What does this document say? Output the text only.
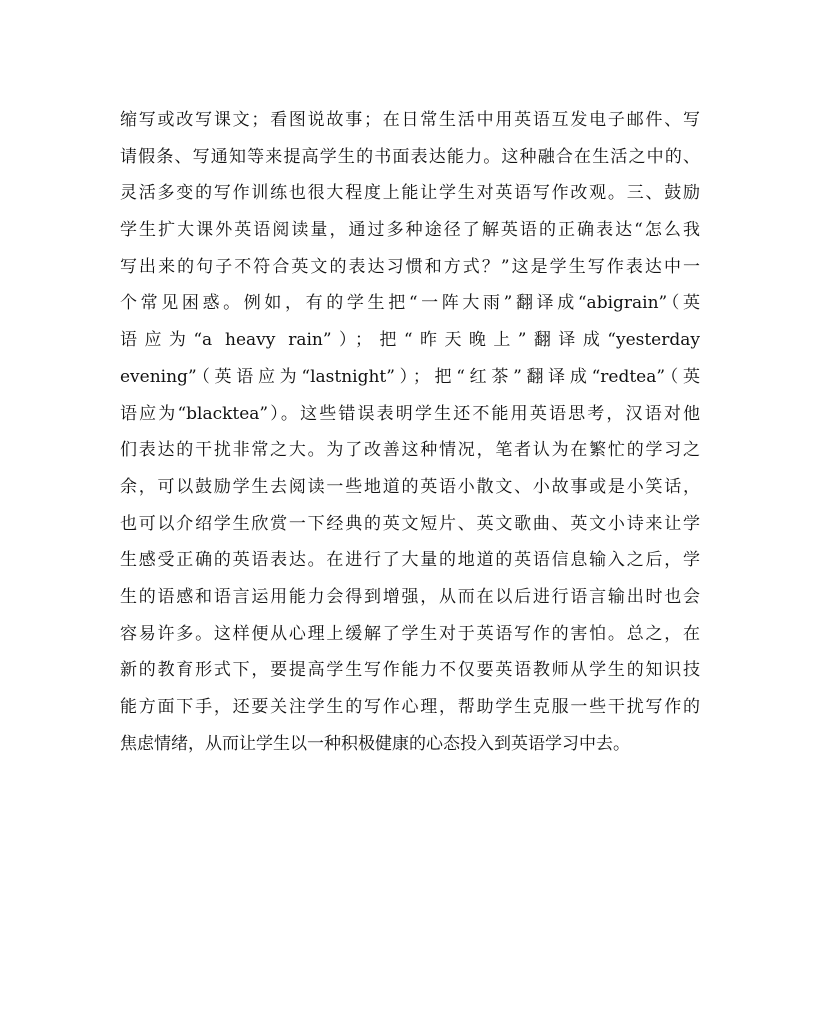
缩写或改写课文；看图说故事；在日常生活中用英语互发电子邮件、写
请假条、写通知等来提高学生的书面表达能力。这种融合在生活之中的、
灵活多变的写作训练也很大程度上能让学生对英语写作改观。三、鼓励
学生扩大课外英语阅读量，通过多种途径了解英语的正确表达“怎么我
写出来的句子不符合英文的表达习惯和方式？”这是学生写作表达中一
个常见困惑。例如，有的学生把“一阵大雨”翻译成“abigrain”（英
语应为“a heavy rain”）；把“昨天晚上”翻译成“yesterday
evening”（英语应为“lastnight”）；把“红茶”翻译成“redtea”（英
语应为“blacktea”）。这些错误表明学生还不能用英语思考，汉语对他
们表达的干扰非常之大。为了改善这种情况，笔者认为在繁忙的学习之
余，可以鼓励学生去阅读一些地道的英语小散文、小故事或是小笑话，
也可以介绍学生欣赏一下经典的英文短片、英文歌曲、英文小诗来让学
生感受正确的英语表达。在进行了大量的地道的英语信息输入之后，学
生的语感和语言运用能力会得到增强，从而在以后进行语言输出时也会
容易许多。这样便从心理上缓解了学生对于英语写作的害怕。总之，在
新的教育形式下，要提高学生写作能力不仅要英语教师从学生的知识技
能方面下手，还要关注学生的写作心理，帮助学生克服一些干扰写作的
焦虑情绪，从而让学生以一种积极健康的心态投入到英语学习中去。
